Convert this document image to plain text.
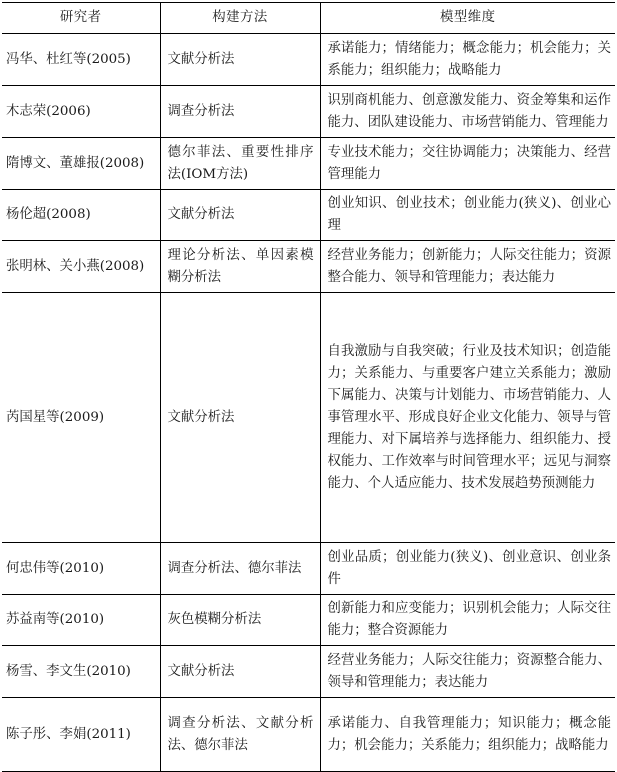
研究者	构建方法	模型维度
冯华、杜红等(2005)	文献分析法	承诺能力；情绪能力；概念能力；机会能力；关系能力；组织能力；战略能力
木志荣(2006)	调查分析法	识别商机能力、创意激发能力、资金筹集和运作能力、团队建设能力、市场营销能力、管理能力
隋博文、董雄报(2008)	德尔菲法、重要性排序法(IOM方法)	专业技术能力；交往协调能力；决策能力、经营管理能力
杨伦超(2008)	文献分析法	创业知识、创业技术；创业能力(狭义)、创业心理
张明林、关小燕(2008)	理论分析法、单因素模糊分析法	经营业务能力；创新能力；人际交往能力；资源整合能力、领导和管理能力；表达能力
芮国星等(2009)	文献分析法	自我激励与自我突破；行业及技术知识；创造能力；关系能力、与重要客户建立关系能力；激励下属能力、决策与计划能力、市场营销能力、人事管理水平、形成良好企业文化能力、领导与管理能力、对下属培养与选择能力、组织能力、授权能力、工作效率与时间管理水平；远见与洞察能力、个人适应能力、技术发展趋势预测能力
何忠伟等(2010)	调查分析法、德尔菲法	创业品质；创业能力(狭义)、创业意识、创业条件
苏益南等(2010)	灰色模糊分析法	创新能力和应变能力；识别机会能力；人际交往能力；整合资源能力
杨雪、李文生(2010)	文献分析法	经营业务能力；人际交往能力；资源整合能力、领导和管理能力；表达能力
陈子彤、李娟(2011)	调查分析法、文献分析法、德尔菲法	承诺能力、自我管理能力；知识能力；概念能力；机会能力；关系能力；组织能力；战略能力
